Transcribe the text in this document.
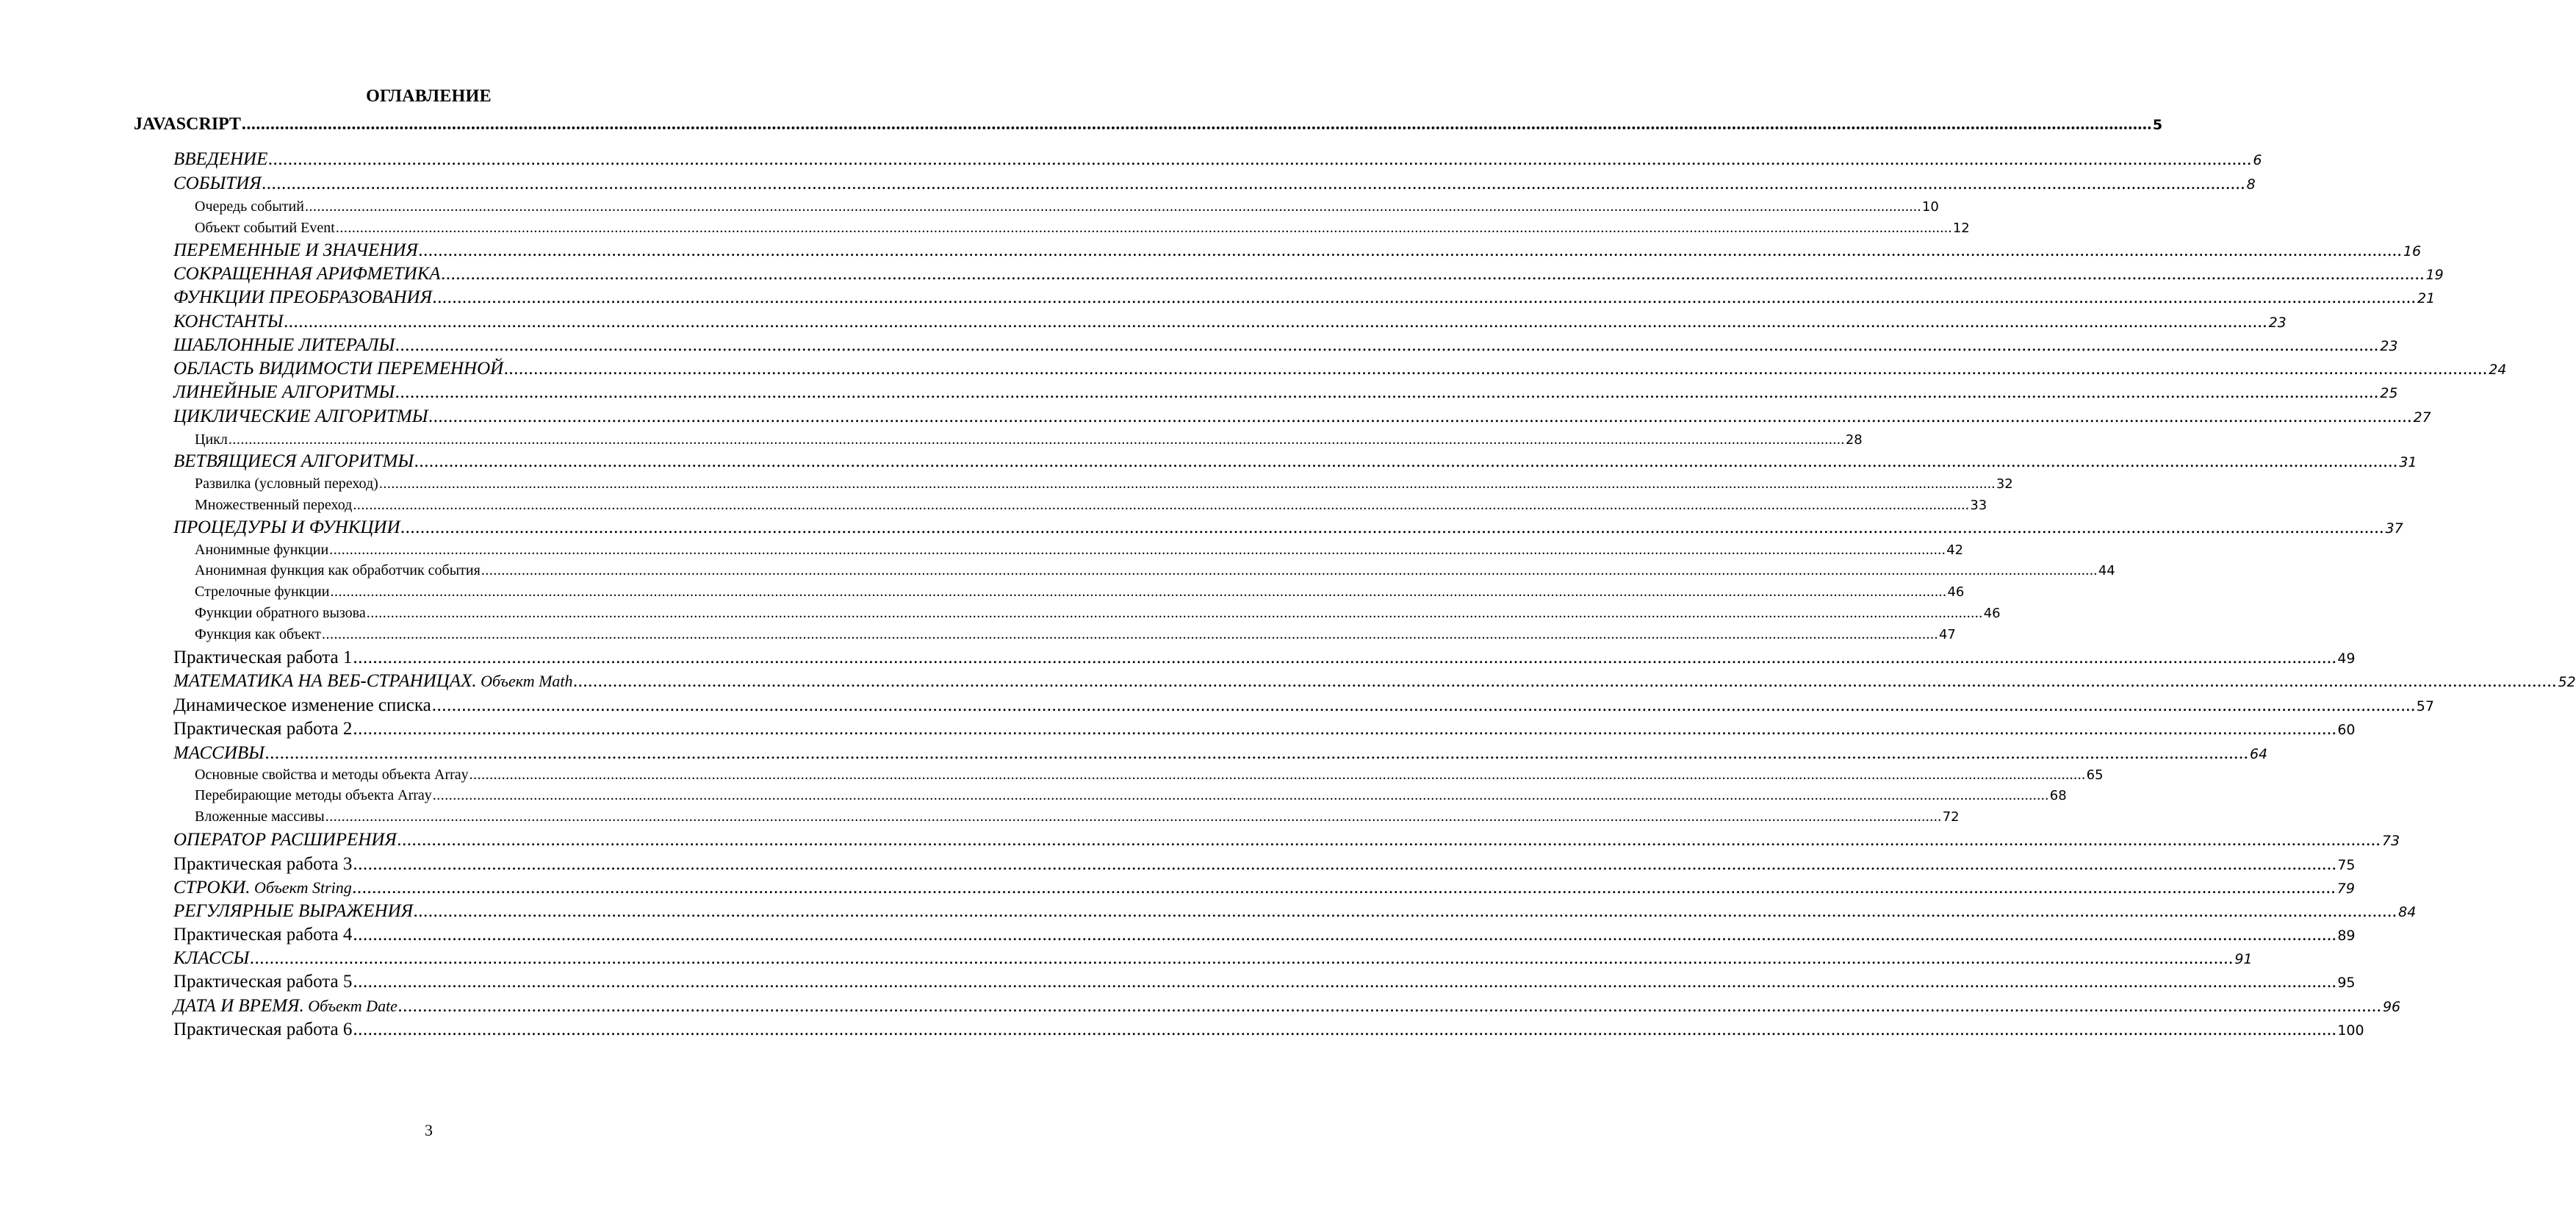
ОГЛАВЛЕНИЕ
JAVASCRIPT ................................................................................................................................................................................................................................................................................................................................................................................................................ 5
ВВЕДЕНИЕ ................................................................................................................................................................................................................................................................................................................................................................................................................ 6
СОБЫТИЯ ................................................................................................................................................................................................................................................................................................................................................................................................................ 8
Очередь событий ................................................................................................................................................................................................................................................................................................................................................................................................................ 10
Объект событий Event ................................................................................................................................................................................................................................................................................................................................................................................................................ 12
ПЕРЕМЕННЫЕ И ЗНАЧЕНИЯ ................................................................................................................................................................................................................................................................................................................................................................................................................ 16
СОКРАЩЕННАЯ АРИФМЕТИКА ................................................................................................................................................................................................................................................................................................................................................................................................................ 19
ФУНКЦИИ ПРЕОБРАЗОВАНИЯ ................................................................................................................................................................................................................................................................................................................................................................................................................ 21
КОНСТАНТЫ ................................................................................................................................................................................................................................................................................................................................................................................................................ 23
ШАБЛОННЫЕ ЛИТЕРАЛЫ ................................................................................................................................................................................................................................................................................................................................................................................................................ 23
ОБЛАСТЬ ВИДИМОСТИ ПЕРЕМЕННОЙ ................................................................................................................................................................................................................................................................................................................................................................................................................ 24
ЛИНЕЙНЫЕ АЛГОРИТМЫ ................................................................................................................................................................................................................................................................................................................................................................................................................ 25
ЦИКЛИЧЕСКИЕ АЛГОРИТМЫ ................................................................................................................................................................................................................................................................................................................................................................................................................ 27
Цикл ................................................................................................................................................................................................................................................................................................................................................................................................................ 28
ВЕТВЯЩИЕСЯ АЛГОРИТМЫ ................................................................................................................................................................................................................................................................................................................................................................................................................ 31
Развилка (условный переход) ................................................................................................................................................................................................................................................................................................................................................................................................................ 32
Множественный переход ................................................................................................................................................................................................................................................................................................................................................................................................................ 33
ПРОЦЕДУРЫ И ФУНКЦИИ ................................................................................................................................................................................................................................................................................................................................................................................................................ 37
Анонимные функции ................................................................................................................................................................................................................................................................................................................................................................................................................ 42
Анонимная функция как обработчик события ................................................................................................................................................................................................................................................................................................................................................................................................................ 44
Стрелочные функции ................................................................................................................................................................................................................................................................................................................................................................................................................ 46
Функции обратного вызова ................................................................................................................................................................................................................................................................................................................................................................................................................ 46
Функция как объект ................................................................................................................................................................................................................................................................................................................................................................................................................ 47
Практическая работа 1 ................................................................................................................................................................................................................................................................................................................................................................................................................ 49
МАТЕМАТИКА НА ВЕБ-СТРАНИЦАХ. Объект Math ................................................................................................................................................................................................................................................................................................................................................................................................................ 52
Динамическое изменение списка ................................................................................................................................................................................................................................................................................................................................................................................................................ 57
Практическая работа 2 ................................................................................................................................................................................................................................................................................................................................................................................................................ 60
МАССИВЫ ................................................................................................................................................................................................................................................................................................................................................................................................................ 64
Основные свойства и методы объекта Array ................................................................................................................................................................................................................................................................................................................................................................................................................ 65
Перебирающие методы объекта Array ................................................................................................................................................................................................................................................................................................................................................................................................................ 68
Вложенные массивы ................................................................................................................................................................................................................................................................................................................................................................................................................ 72
ОПЕРАТОР РАСШИРЕНИЯ ................................................................................................................................................................................................................................................................................................................................................................................................................ 73
Практическая работа 3 ................................................................................................................................................................................................................................................................................................................................................................................................................ 75
СТРОКИ. Объект String ................................................................................................................................................................................................................................................................................................................................................................................................................ 79
РЕГУЛЯРНЫЕ ВЫРАЖЕНИЯ ................................................................................................................................................................................................................................................................................................................................................................................................................ 84
Практическая работа 4 ................................................................................................................................................................................................................................................................................................................................................................................................................ 89
КЛАССЫ ................................................................................................................................................................................................................................................................................................................................................................................................................ 91
Практическая работа 5 ................................................................................................................................................................................................................................................................................................................................................................................................................ 95
ДАТА И ВРЕМЯ. Объект Date ................................................................................................................................................................................................................................................................................................................................................................................................................ 96
Практическая работа 6 ................................................................................................................................................................................................................................................................................................................................................................................................................ 100
3
